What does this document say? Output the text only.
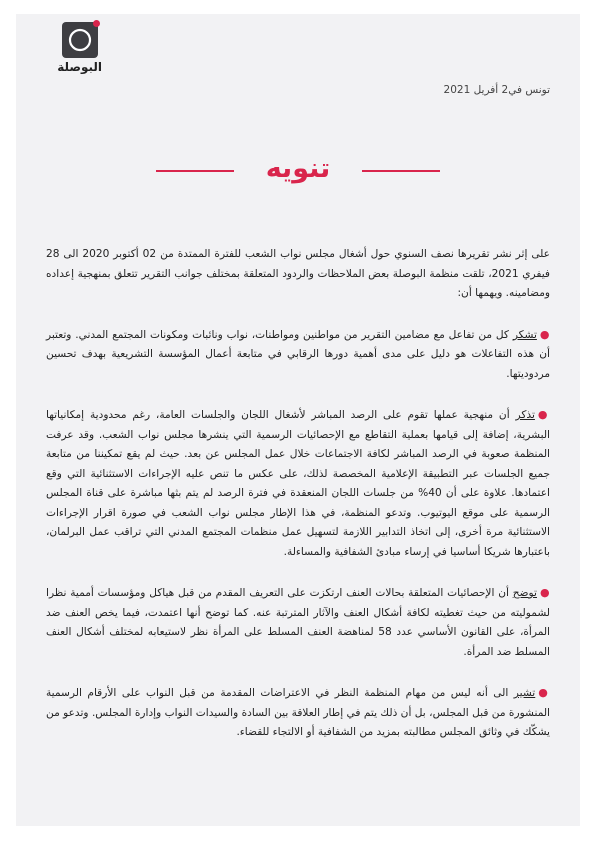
البوصلة
تونس في2 أفريل 2021
تنويه

على إثر نشر تقريرها نصف السنوي حول أشغال مجلس نواب الشعب للفترة الممتدة من 02 أكتوبر 2020 الى 28 فيفري 2021، تلقت منظمة البوصلة بعض الملاحظات والردود المتعلقة بمختلف جوانب التقرير تتعلق بمنهجية إعداده ومضامينه. ويهمها أن:

●تشكر كل من تفاعل مع مضامين التقرير من مواطنين ومواطنات، نواب ونائبات ومكونات المجتمع المدني. وتعتبر أن هذه التفاعلات هو دليل على مدى أهمية دورها الرقابي في متابعة أعمال المؤسسة التشريعية بهدف تحسين مردوديتها.

●تذكر أن منهجية عملها تقوم على الرصد المباشر لأشغال اللجان والجلسات العامة، رغم محدودية إمكانياتها البشرية، إضافة إلى قيامها بعملية التقاطع مع الإحصائيات الرسمية التي ينشرها مجلس نواب الشعب. وقد عرفت المنظمة صعوبة في الرصد المباشر لكافة الاجتماعات خلال عمل المجلس عن بعد. حيث لم يقع تمكيننا من متابعة جميع الجلسات عبر التطبيقة الإعلامية المخصصة لذلك، على عكس ما تنص عليه الإجراءات الاستثنائية التي وقع اعتمادها. علاوة على أن 40% من جلسات اللجان المنعقدة في فترة الرصد لم يتم بثها مباشرة على قناة المجلس الرسمية على موقع اليوتيوب. وتدعو المنظمة، في هذا الإطار مجلس نواب الشعب في صورة اقرار الإجراءات الاستثنائية مرة أخرى، إلى اتخاذ التدابير اللازمة لتسهيل عمل منظمات المجتمع المدني التي تراقب عمل البرلمان، باعتبارها شريكا أساسيا في إرساء مبادئ الشفافية والمساءلة.

●توضح أن الإحصائيات المتعلقة بحالات العنف ارتكزت على التعريف المقدم من قبل هياكل ومؤسسات أممية نظرا لشموليته من حيث تغطيته لكافة أشكال العنف والآثار المترتبة عنه. كما توضح أنها اعتمدت، فيما يخص العنف ضد المرأة، على القانون الأساسي عدد 58 لمناهضة العنف المسلط على المرأة نظر لاستيعابه لمختلف أشكال العنف المسلط ضد المرأة.

●تشير الى أنه ليس من مهام المنظمة النظر في الاعتراضات المقدمة من قبل النواب على الأرقام الرسمية المنشورة من قبل المجلس، بل أن ذلك يتم في إطار العلاقة بين السادة والسيدات النواب وإدارة المجلس. وتدعو من يشكّك في وثائق المجلس مطالبته بمزيد من الشفافية أو الالتجاء للقضاء.
